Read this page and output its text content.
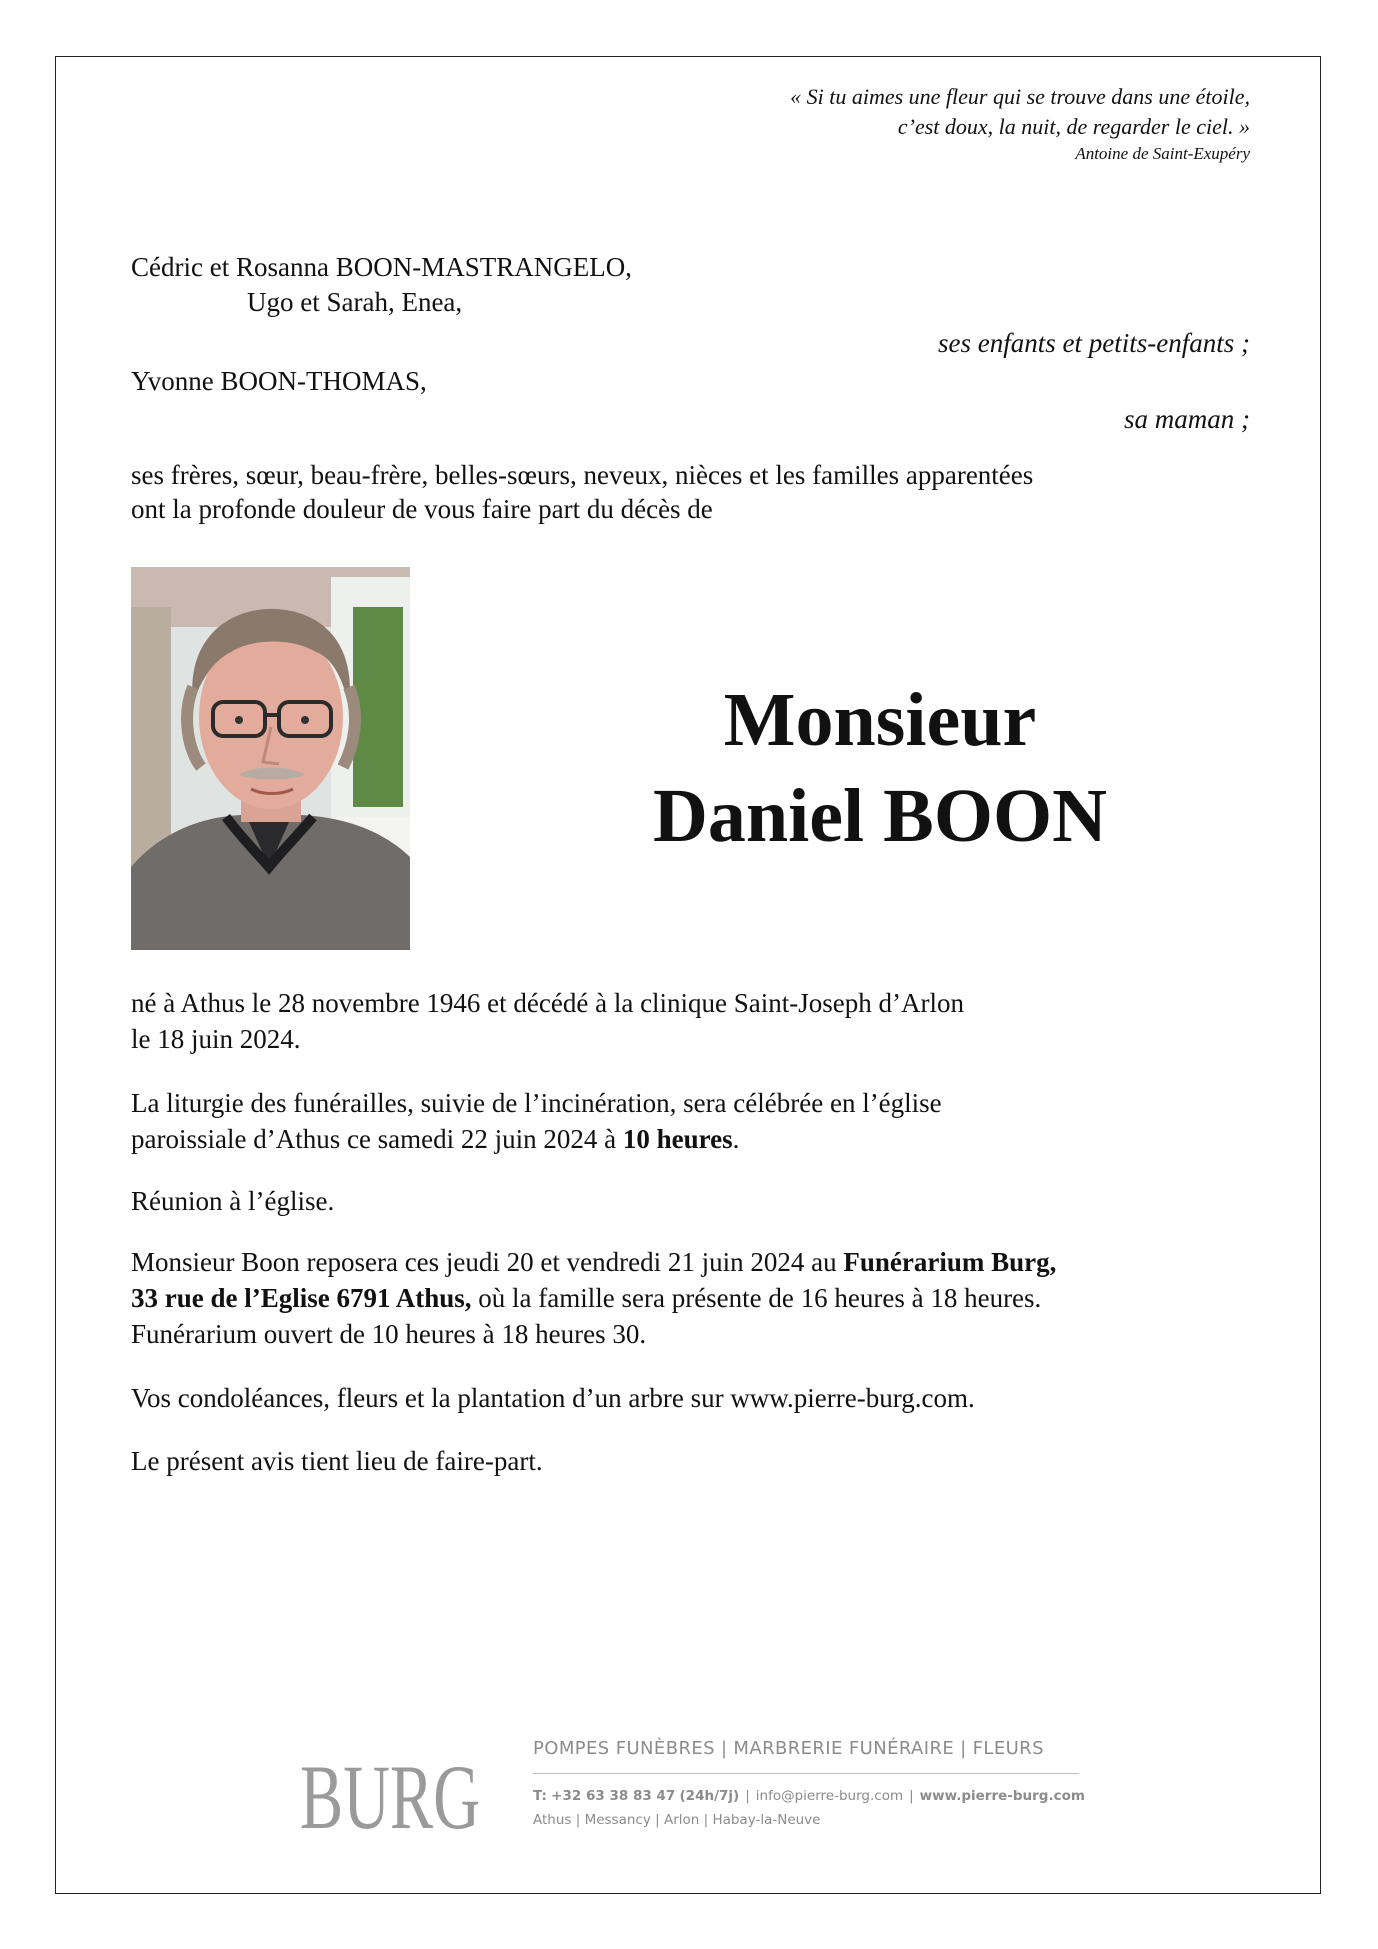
« Si tu aimes une fleur qui se trouve dans une étoile,
c’est doux, la nuit, de regarder le ciel. »
Antoine de Saint-Exupéry
Cédric et Rosanna BOON-MASTRANGELO,
Ugo et Sarah, Enea,
ses enfants et petits-enfants ;
Yvonne BOON-THOMAS,
sa maman ;
ses frères, sœur, beau-frère, belles-sœurs, neveux, nièces et les familles apparentées
ont la profonde douleur de vous faire part du décès de
Monsieur
Daniel BOON
né à Athus le 28 novembre 1946 et décédé à la clinique Saint-Joseph d’Arlon
le 18 juin 2024.
La liturgie des funérailles, suivie de l’incinération, sera célébrée en l’église
paroissiale d’Athus ce samedi 22 juin 2024 à 10 heures.
Réunion à l’église.
Monsieur Boon reposera ces jeudi 20 et vendredi 21 juin 2024 au Funérarium Burg,
33 rue de l’Eglise 6791 Athus, où la famille sera présente de 16 heures à 18 heures.
Funérarium ouvert de 10 heures à 18 heures 30.
Vos condoléances, fleurs et la plantation d’un arbre sur www.pierre-burg.com.
Le présent avis tient lieu de faire-part.
BURG	POMPES FUNÈBRES | MARBRERIE FUNÉRAIRE | FLEURS
T: +32 63 38 83 47 (24h/7j) | info@pierre-burg.com | www.pierre-burg.com
Athus | Messancy | Arlon | Habay-la-Neuve
